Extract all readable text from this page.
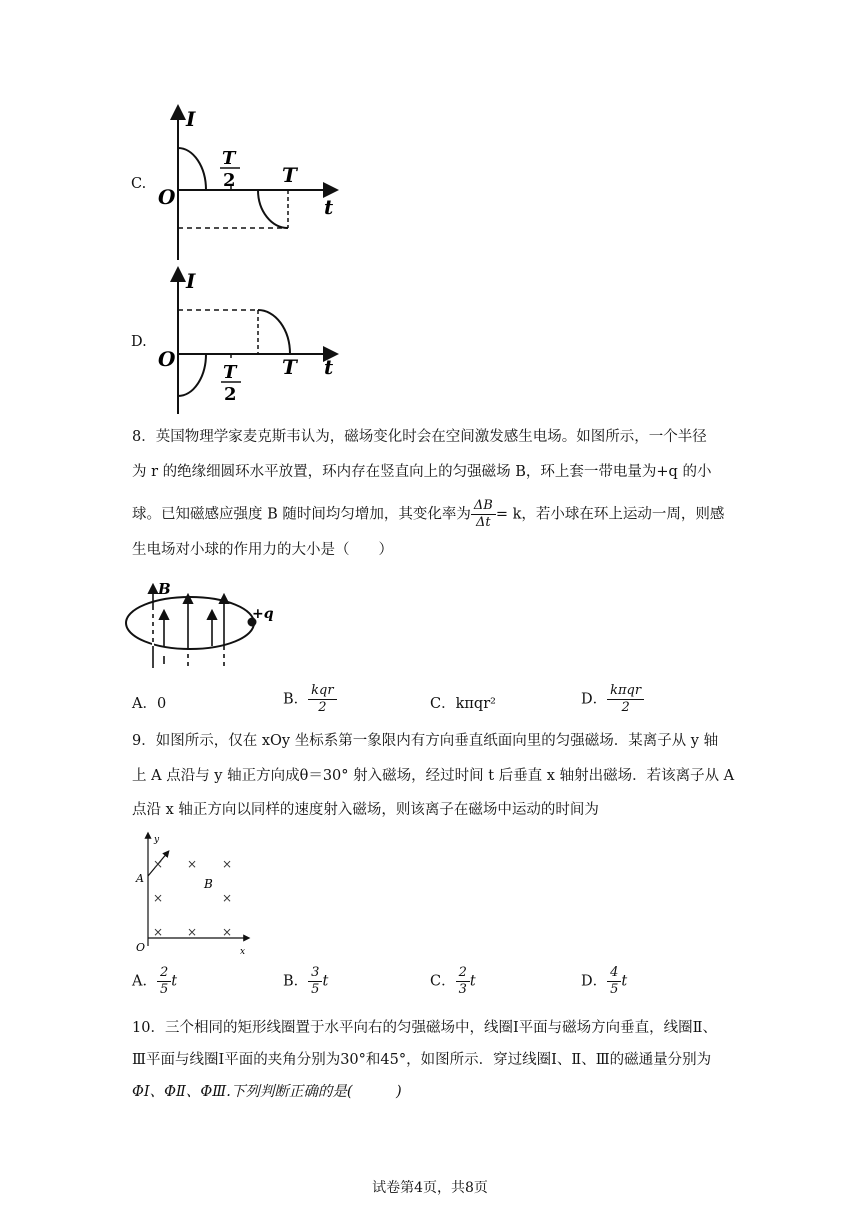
C.
I
O	t
T
T
2
D.
I
O	t
T
T
2
8．英国物理学家麦克斯韦认为，磁场变化时会在空间激发感生电场。如图所示，一个半径
为 r 的绝缘细圆环水平放置，环内存在竖直向上的匀强磁场 B，环上套一带电量为+q 的小
球。已知磁感应强度 B 随时间均匀增加，其变化率为 $\frac{\Delta B}{\Delta t} = k$，若小球在环上运动一周，则感
生电场对小球的作用力的大小是（　　）
B
+q
A．0	B． $\frac{\text{kqr}}{2}$	C．kπqr²	D． $\frac{\text{kπqr}}{2}$
9．如图所示，仅在 xOy 坐标系第一象限内有方向垂直纸面向里的匀强磁场．某离子从 y 轴
上 A 点沿与 y 轴正方向成θ＝30° 射入磁场，经过时间 t 后垂直 x 轴射出磁场．若该离子从 A
点沿 x 轴正方向以同样的速度射入磁场，则该离子在磁场中运动的时间为
× × ×
×	×
× × ×
y
A	B
O	x
A． $\frac{2}{5}$ t	B． $\frac{3}{5}$ t	C． $\frac{2}{3}$ t	D． $\frac{4}{5}$ t
10．三个相同的矩形线圈置于水平向右的匀强磁场中，线圈Ⅰ平面与磁场方向垂直，线圈Ⅱ、
Ⅲ平面与线圈Ⅰ平面的夹角分别为30°和45°，如图所示．穿过线圈Ⅰ、Ⅱ、Ⅲ的磁通量分别为
ΦⅠ、ΦⅡ、ΦⅢ.下列判断正确的是(　　　)
试卷第4页，共8页
